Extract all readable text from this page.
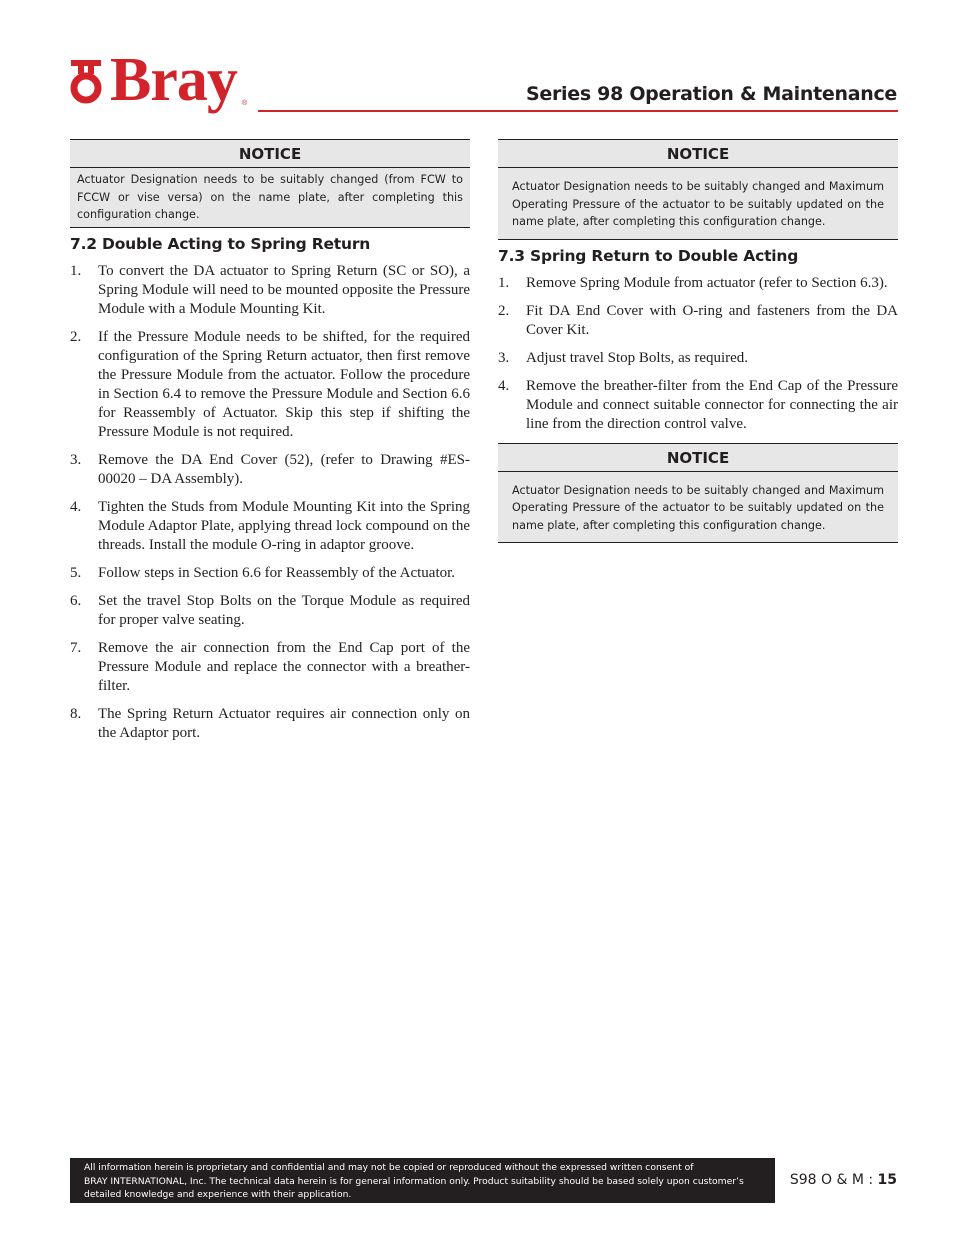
Bray ®	Series 98 Operation & Maintenance
NOTICE
Actuator Designation needs to be suitably changed (from FCW to FCCW or vise versa) on the name plate, after completing this configuration change.
7.2 Double Acting to Spring Return
1. To convert the DA actuator to Spring Return (SC or SO), a Spring Module will need to be mounted opposite the Pressure Module with a Module Mounting Kit.
2. If the Pressure Module needs to be shifted, for the required configuration of the Spring Return actuator, then first remove the Pressure Module from the actuator. Follow the procedure in Section 6.4 to remove the Pressure Module and Section 6.6 for Reassembly of Actuator. Skip this step if shifting the Pressure Module is not required.
3. Remove the DA End Cover (52), (refer to Drawing #ES-00020 – DA Assembly).
4. Tighten the Studs from Module Mounting Kit into the Spring Module Adaptor Plate, applying thread lock compound on the threads. Install the module O-ring in adaptor groove.
5. Follow steps in Section 6.6 for Reassembly of the Actuator.
6. Set the travel Stop Bolts on the Torque Module as required for proper valve seating.
7. Remove the air connection from the End Cap port of the Pressure Module and replace the connector with a breather-filter.
8. The Spring Return Actuator requires air connection only on the Adaptor port.
NOTICE
Actuator Designation needs to be suitably changed and Maximum Operating Pressure of the actuator to be suitably updated on the name plate, after completing this configuration change.
7.3 Spring Return to Double Acting
1. Remove Spring Module from actuator (refer to Section 6.3).
2. Fit DA End Cover with O-ring and fasteners from the DA Cover Kit.
3. Adjust travel Stop Bolts, as required.
4. Remove the breather-filter from the End Cap of the Pressure Module and connect suitable connector for connecting the air line from the direction control valve.
NOTICE
Actuator Designation needs to be suitably changed and Maximum Operating Pressure of the actuator to be suitably updated on the name plate, after completing this configuration change.
All information herein is proprietary and confidential and may not be copied or reproduced without the expressed written consent of
BRAY INTERNATIONAL, Inc. The technical data herein is for general information only. Product suitability should be based solely upon customer’s
detailed knowledge and experience with their application.
S98 O & M : 15
